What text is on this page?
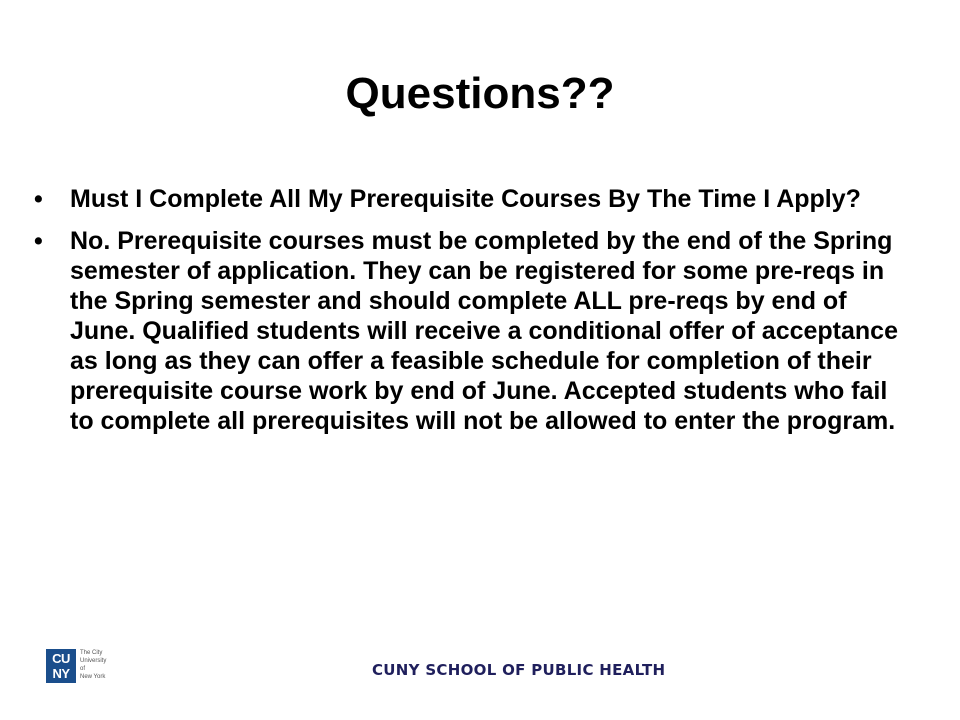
Questions??
• Must I Complete All My Prerequisite Courses By The Time I Apply?
• No. Prerequisite courses must be completed by the end of the Spring semester of application. They can be registered for some pre-reqs in the Spring semester and should complete ALL pre-reqs by end of June. Qualified students will receive a conditional offer of acceptance as long as they can offer a feasible schedule for completion of their prerequisite course work by end of June. Accepted students who fail to complete all prerequisites will not be allowed to enter the program.
CU
NY
The City
University
of
New York	CUNY SCHOOL OF PUBLIC HEALTH
